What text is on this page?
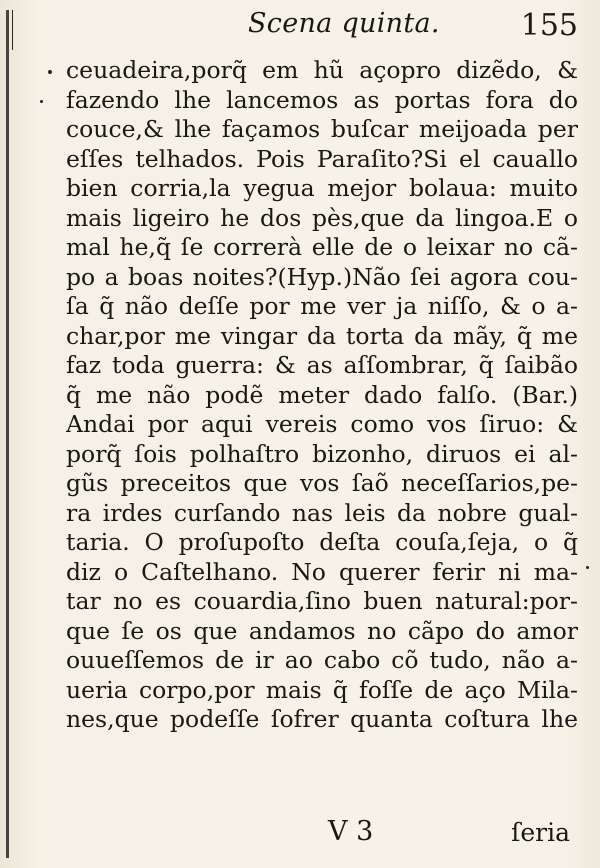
Scena quinta.	155
ceuadeira,porq̃ em hũ açopro dizẽdo, &
fazendo lhe lancemos as portas fora do
couce,& lhe façamos buſcar meijoada per
eſſes telhados. Pois Paraſito?Si el cauallo
bien corria,la yegua mejor bolaua: muito
mais ligeiro he dos pès,que da lingoa.E o
mal he,q̃ ſe correrà elle de o leixar no cã-
po a boas noites?(Hyp.)Não ſei agora cou-
ſa q̃ não deſſe por me ver ja niſſo, & o a-
char,por me vingar da torta da mãy, q̃ me
faz toda guerra: & as aſſombrar, q̃ ſaibão
q̃ me não podẽ meter dado falſo. (Bar.)
Andai por aqui vereis como vos ſiruo: &
porq̃ ſois polhaſtro bizonho, diruos ei al-
gũs preceitos que vos ſaõ neceſſarios,pe-
ra irdes curſando nas leis da nobre gual-
taria. O proſupoſto deſta couſa,ſeja, o q̃
diz o Caſtelhano. No querer ferir ni ma-
tar no es couardia,ſino buen natural:por-
que ſe os que andamos no cãpo do amor
ouueſſemos de ir ao cabo cõ tudo, não a-
ueria corpo,por mais q̃ foſſe de aço Mila-
nes,que podeſſe ſofrer quanta coſtura lhe
V 3	ſeria
